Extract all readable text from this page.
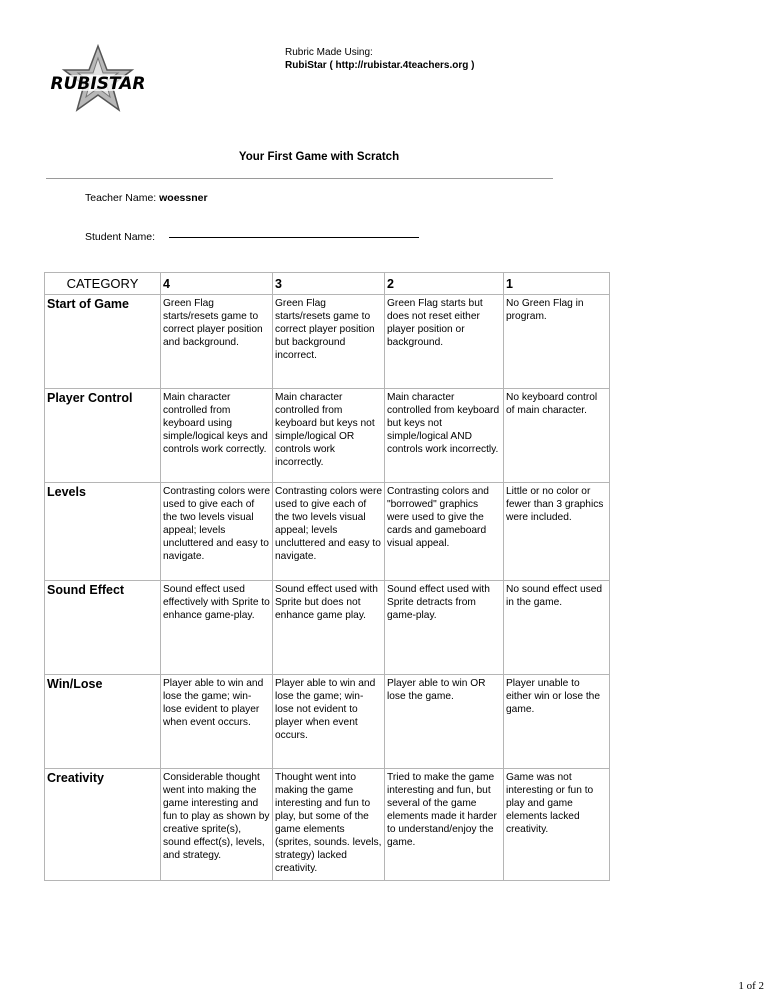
RUBISTAR
Rubric Made Using:
RubiStar ( http://rubistar.4teachers.org )
Your First Game with Scratch
Teacher Name: woessner
Student Name:
CATEGORY	4	3	2	1
Start of Game	Green Flag starts/resets game to correct player position and background.	Green Flag starts/resets game to correct player position but background incorrect.	Green Flag starts but does not reset either player position or background.	No Green Flag in program.
Player Control	Main character controlled from keyboard using simple/logical keys and controls work correctly.	Main character controlled from keyboard but keys not simple/logical OR controls work incorrectly.	Main character controlled from keyboard but keys not simple/logical AND controls work incorrectly.	No keyboard control of main character.
Levels	Contrasting colors were used to give each of the two levels visual appeal; levels uncluttered and easy to navigate.	Contrasting colors were used to give each of the two levels visual appeal; levels uncluttered and easy to navigate.	Contrasting colors and "borrowed" graphics were used to give the cards and gameboard visual appeal.	Little or no color or fewer than 3 graphics were included.
Sound Effect	Sound effect used effectively with Sprite to enhance game-play.	Sound effect used with Sprite but does not enhance game play.	Sound effect used with Sprite detracts from game-play.	No sound effect used in the game.
Win/Lose	Player able to win and lose the game; win-lose evident to player when event occurs.	Player able to win and lose the game; win-lose not evident to player when event occurs.	Player able to win OR lose the game.	Player unable to either win or lose the game.
Creativity	Considerable thought went into making the game interesting and fun to play as shown by creative sprite(s), sound effect(s), levels, and strategy.	Thought went into making the game interesting and fun to play, but some of the game elements (sprites, sounds. levels, strategy) lacked creativity.	Tried to make the game interesting and fun, but several of the game elements made it harder to understand/enjoy the game.	Game was not interesting or fun to play and game elements lacked creativity.
1 of 2
